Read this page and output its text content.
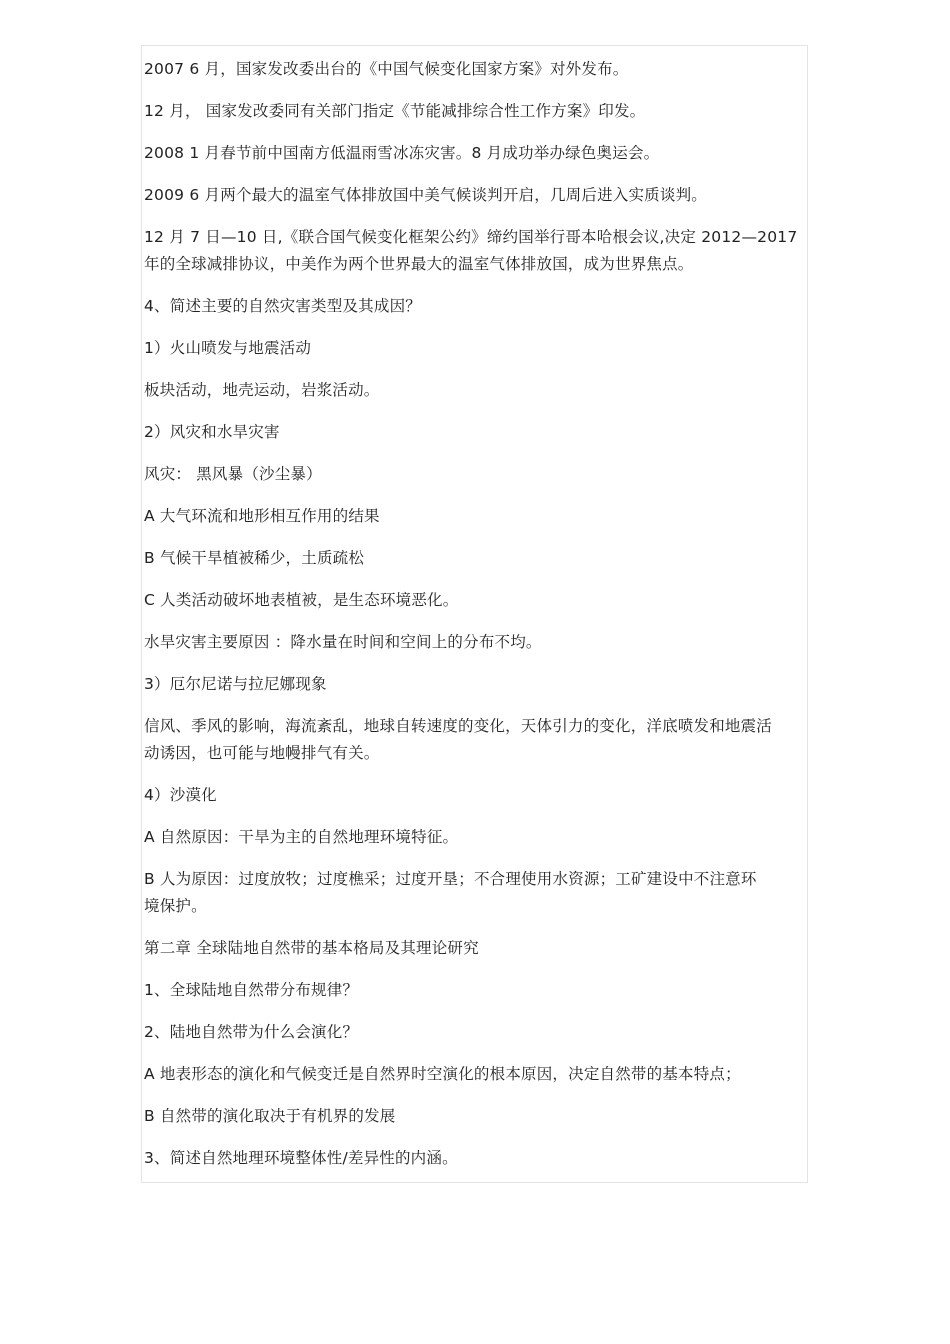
2007 6 月，国家发改委出台的《中国气候变化国家方案》对外发布。

12 月， 国家发改委同有关部门指定《节能减排综合性工作方案》印发。

2008 1 月春节前中国南方低温雨雪冰冻灾害。8 月成功举办绿色奥运会。

2009 6 月两个最大的温室气体排放国中美气候谈判开启，几周后进入实质谈判。

12 月 7 日—10 日,《联合国气候变化框架公约》缔约国举行哥本哈根会议,决定 2012—2017
年的全球减排协议，中美作为两个世界最大的温室气体排放国，成为世界焦点。

4、简述主要的自然灾害类型及其成因？

1）火山喷发与地震活动

板块活动，地壳运动，岩浆活动。

2）风灾和水旱灾害

风灾： 黑风暴（沙尘暴）

A 大气环流和地形相互作用的结果

B 气候干旱植被稀少，土质疏松

C 人类活动破坏地表植被，是生态环境恶化。

水旱灾害主要原因 ：降水量在时间和空间上的分布不均。

3）厄尔尼诺与拉尼娜现象

信风、季风的影响，海流紊乱，地球自转速度的变化，天体引力的变化，洋底喷发和地震活
动诱因，也可能与地幔排气有关。

4）沙漠化

A 自然原因：干旱为主的自然地理环境特征。

B 人为原因：过度放牧；过度樵采；过度开垦；不合理使用水资源；工矿建设中不注意环
境保护。

第二章 全球陆地自然带的基本格局及其理论研究

1、全球陆地自然带分布规律？

2、陆地自然带为什么会演化？

A 地表形态的演化和气候变迁是自然界时空演化的根本原因，决定自然带的基本特点；

B 自然带的演化取决于有机界的发展

3、简述自然地理环境整体性/差异性的内涵。
